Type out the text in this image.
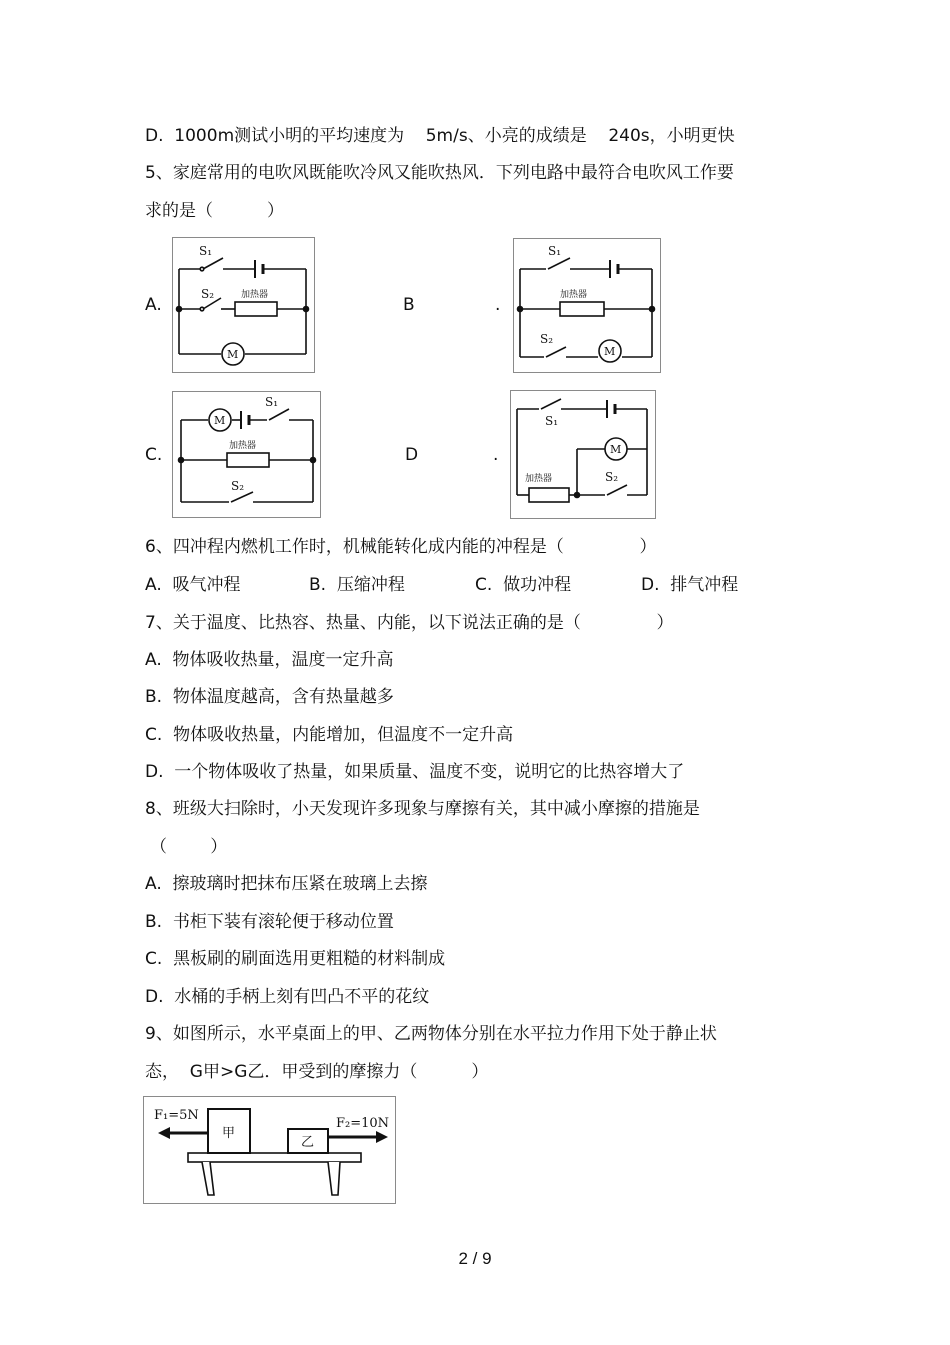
D.  1000m测试小明的平均速度为    5m/s、小亮的成绩是    240s，小明更快
5、家庭常用的电吹风既能吹冷风又能吹热风．下列电路中最符合电吹风工作要
求的是（          ）
A.	B	.
C.	D	.
S₁
S₂	加热器
M
S₁
加热器
S₂
M
M
S₁
加热器
S₂
S₁
M
加热器	S₂
6、四冲程内燃机工作时，机械能转化成内能的冲程是（              ）
A.  吸气冲程	B.  压缩冲程	C.  做功冲程	D.  排气冲程
7、关于温度、比热容、热量、内能，以下说法正确的是（              ）
A.  物体吸收热量，温度一定升高
B.  物体温度越高，含有热量越多
C.  物体吸收热量，内能增加，但温度不一定升高
D.  一个物体吸收了热量，如果质量、温度不变，说明它的比热容增大了
8、班级大扫除时，小天发现许多现象与摩擦有关，其中减小摩擦的措施是
（        ）
A.  擦玻璃时把抹布压紧在玻璃上去擦
B.  书柜下装有滚轮便于移动位置
C.  黑板刷的刷面选用更粗糙的材料制成
D.  水桶的手柄上刻有凹凸不平的花纹
9、如图所示，水平桌面上的甲、乙两物体分别在水平拉力作用下处于静止状
态，  G甲>G乙．甲受到的摩擦力（          ）
F₁=5N
F₂=10N
甲
乙
2 / 9
